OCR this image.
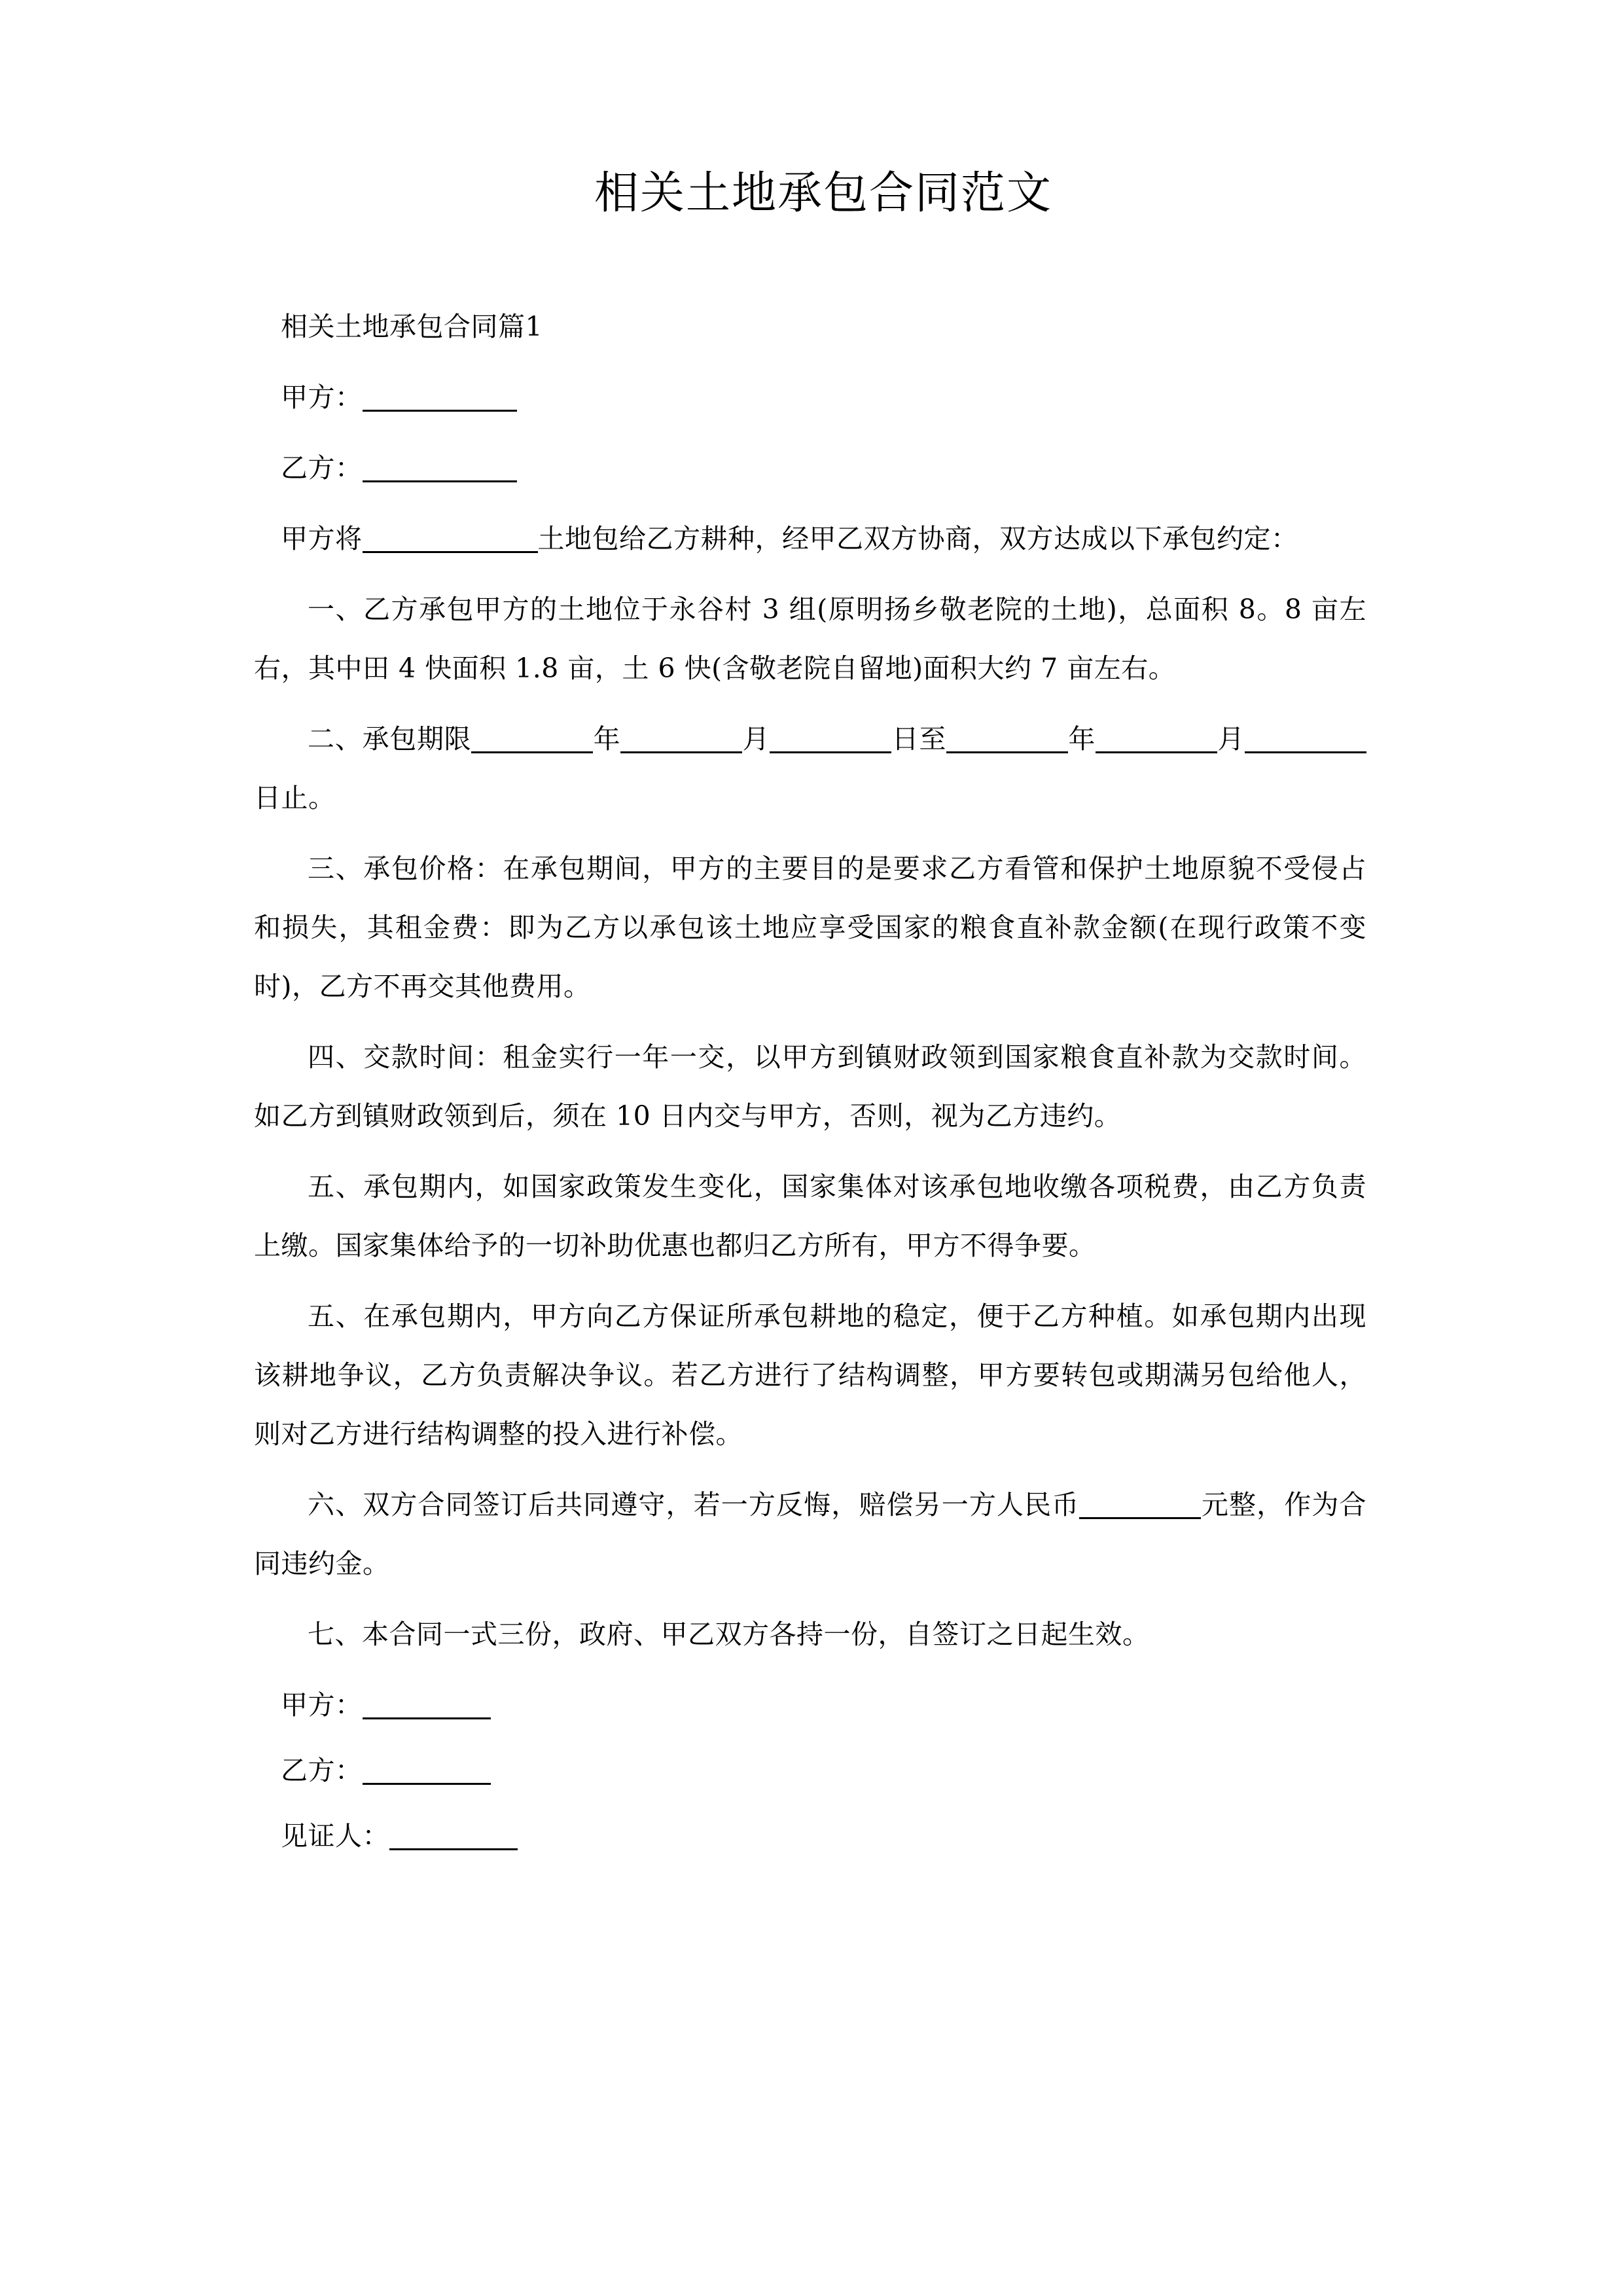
相关土地承包合同范文

相关土地承包合同篇1

甲方：

乙方：

甲方将	土地包给乙方耕种，经甲乙双方协商，双方达成以下承包约定：

一、乙方承包甲方的土地位于永谷村 3 组(原明扬乡敬老院的土地)，总面积 8。8 亩左右，其中田 4 快面积 1.8 亩，土 6 快(含敬老院自留地)面积大约 7 亩左右。

二、承包期限	年	月	日至	年	月日止。

三、承包价格：在承包期间，甲方的主要目的是要求乙方看管和保护土地原貌不受侵占和损失，其租金费：即为乙方以承包该土地应享受国家的粮食直补款金额(在现行政策不变时)，乙方不再交其他费用。

四、交款时间：租金实行一年一交，以甲方到镇财政领到国家粮食直补款为交款时间。如乙方到镇财政领到后，须在 10 日内交与甲方，否则，视为乙方违约。

五、承包期内，如国家政策发生变化，国家集体对该承包地收缴各项税费，由乙方负责上缴。国家集体给予的一切补助优惠也都归乙方所有，甲方不得争要。

五、在承包期内，甲方向乙方保证所承包耕地的稳定，便于乙方种植。如承包期内出现该耕地争议，乙方负责解决争议。若乙方进行了结构调整，甲方要转包或期满另包给他人，则对乙方进行结构调整的投入进行补偿。

六、双方合同签订后共同遵守，若一方反悔，赔偿另一方人民币	元整，作为合同违约金。

七、本合同一式三份，政府、甲乙双方各持一份，自签订之日起生效。

甲方：

乙方：

见证人：
